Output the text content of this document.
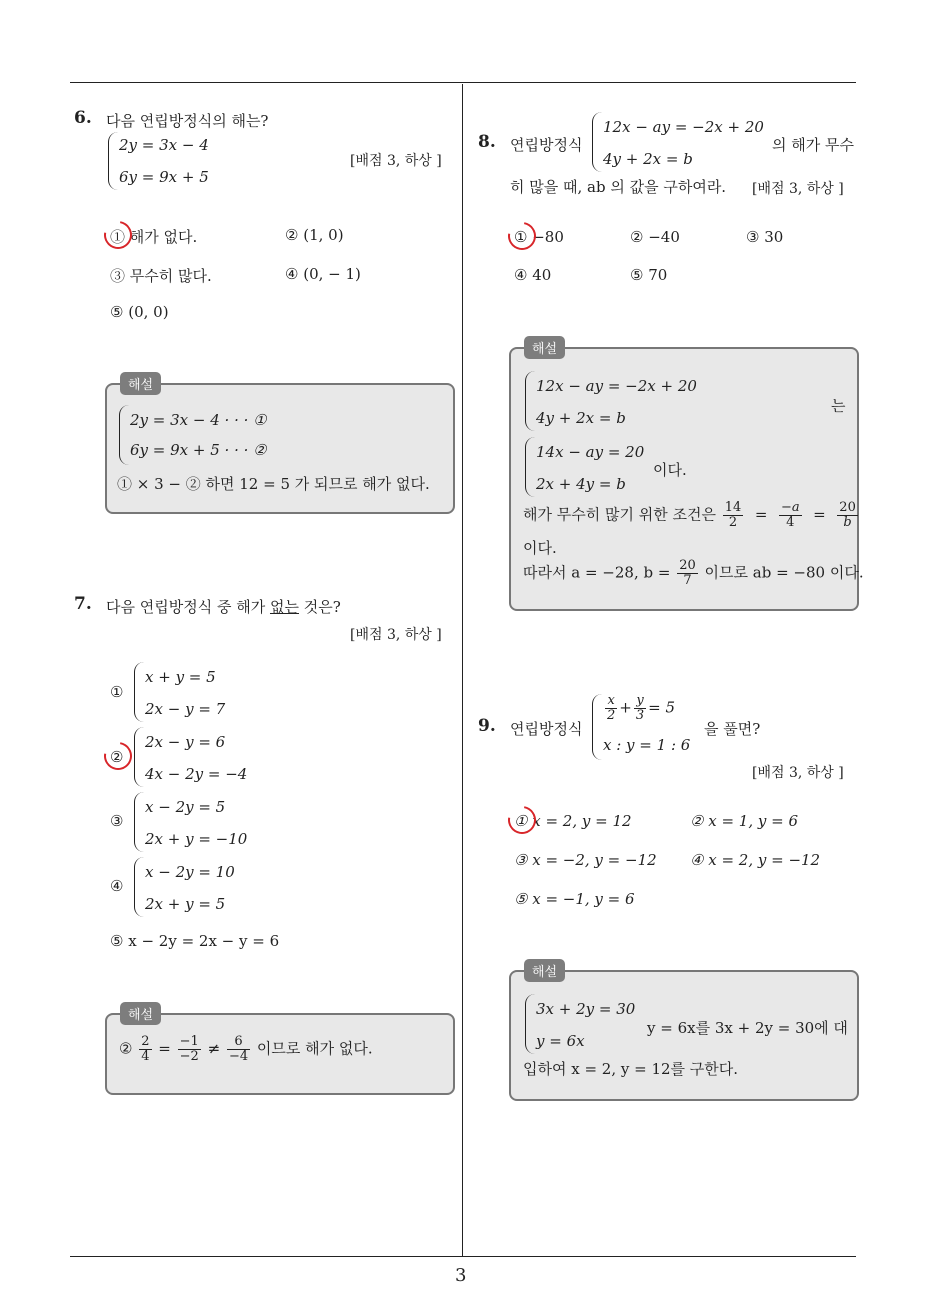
3
6. 다음 연립방정식의 해는?
2y = 3x − 4
6y = 9x + 5
[배점 3, 하상 ]
① 해가 없다.	② (1, 0)
③ 무수히 많다.	④ (0, − 1)
⑤ (0, 0)
2y = 3x − 4 · · · ①
6y = 9x + 5 · · · ②
① × 3 − ② 하면 12 = 5 가 되므로 해가 없다.
해설
7. 다음 연립방정식 중 해가 없는 것은?
[배점 3, 하상 ]
①
x + y = 5
2x − y = 7
②
2x − y = 6
4x − 2y = −4
③
x − 2y = 5
2x + y = −10
④
x − 2y = 10
2x + y = 5
⑤ x − 2y = 2x − y = 6
② $\frac{2}{4} = \frac{-1}{-2} \ne \frac{6}{-4}$ 이므로 해가 없다.
해설
8. 연립방정식
12x − ay = −2x + 20
4y + 2x = b
의 해가 무수
히 많을 때, ab 의 값을 구하여라. [배점 3, 하상 ]
① −80	② −40	③ 30
④ 40	⑤ 70
12x − ay = −2x + 20
4y + 2x = b
는
14x − ay = 20
2x + 4y = b
이다.
해가 무수히 많기 위한 조건은 $\frac{14}{2} = \frac{-a}{4} = \frac{20}{b}$
이다.
따라서 a = −28, $b = \frac{20}{7}$ 이므로 ab = −80 이다.
해설
9. 연립방정식
$\frac{x}{2} + \frac{y}{3} = 5$
x : y = 1 : 6
을 풀면?
[배점 3, 하상 ]
① x = 2, y = 12	② x = 1, y = 6
③ x = −2, y = −12 ④ x = 2, y = −12
⑤ x = −1, y = 6
3x + 2y = 30
y = 6x
y = 6x를 3x + 2y = 30에 대
입하여 x = 2, y = 12를 구한다.
해설
